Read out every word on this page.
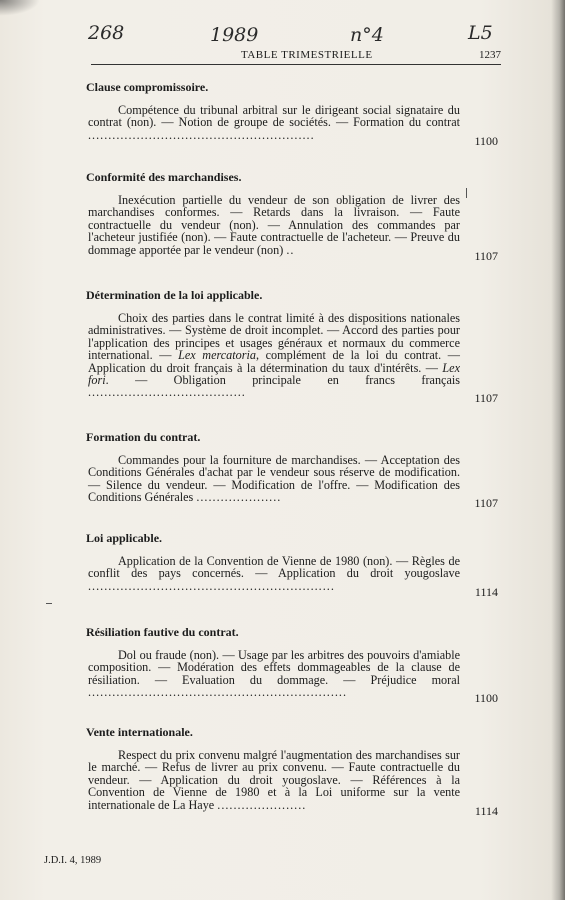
268	1989	n°4	L5
TABLE TRIMESTRIELLE	1237
Clause compromissoire.

Compétence du tribunal arbitral sur le dirigeant social signataire du contrat (non). — Notion de groupe de sociétés. — Formation du contrat ........................................................	1100
Conformité des marchandises.

Inexécution partielle du vendeur de son obligation de livrer des marchandises conformes. — Retards dans la livraison. — Faute contractuelle du vendeur (non). — Annulation des commandes par l'acheteur justifiée (non). — Faute contractuelle de l'acheteur. — Preuve du dommage apportée par le vendeur (non) ..	1107
Détermination de la loi applicable.

Choix des parties dans le contrat limité à des dispositions nationales administratives. — Système de droit incomplet. — Accord des parties pour l'application des principes et usages généraux et normaux du commerce international. — Lex mercatoria, complément de la loi du contrat. — Application du droit français à la détermination du taux d'intérêts. — Lex fori. — Obligation principale en francs français .......................................	1107
Formation du contrat.

Commandes pour la fourniture de marchandises. — Acceptation des Conditions Générales d'achat par le vendeur sous réserve de modification. — Silence du vendeur. — Modification de l'offre. — Modification des Conditions Générales .....................	1107
Loi applicable.

Application de la Convention de Vienne de 1980 (non). — Règles de conflit des pays concernés. — Application du droit yougoslave .............................................................	1114
Résiliation fautive du contrat.

Dol ou fraude (non). — Usage par les arbitres des pouvoirs d'amiable composition. — Modération des effets dommageables de la clause de résiliation. — Evaluation du dommage. — Préjudice moral ................................................................	1100
Vente internationale.

Respect du prix convenu malgré l'augmentation des marchandises sur le marché. — Refus de livrer au prix convenu. — Faute contractuelle du vendeur. — Application du droit yougoslave. — Références à la Convention de Vienne de 1980 et à la Loi uniforme sur la vente internationale de La Haye ......................	1114
J.D.I. 4, 1989
